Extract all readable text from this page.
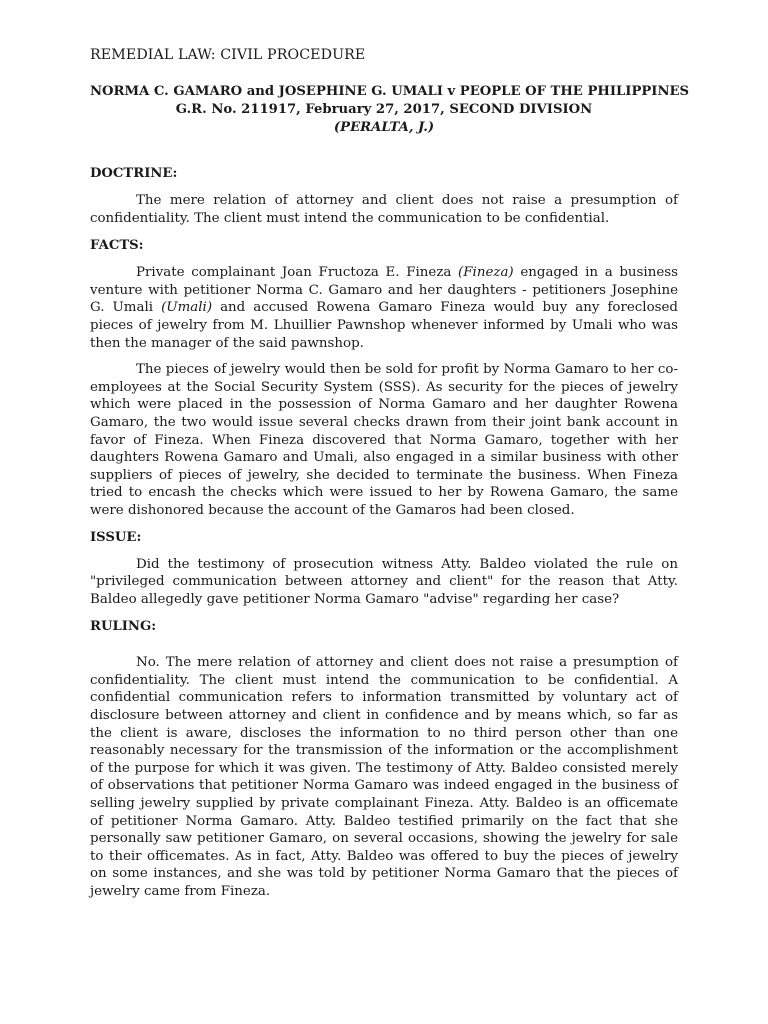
REMEDIAL LAW: CIVIL PROCEDURE
NORMA C. GAMARO and JOSEPHINE G. UMALI v PEOPLE OF THE PHILIPPINES
G.R. No. 211917, February 27, 2017, SECOND DIVISION
(PERALTA, J.)
DOCTRINE:

The mere relation of attorney and client does not raise a presumption of confidentiality. The client must intend the communication to be confidential.

FACTS:

Private complainant Joan Fructoza E. Fineza (Fineza) engaged in a business venture with petitioner Norma C. Gamaro and her daughters - petitioners Josephine G. Umali (Umali) and accused Rowena Gamaro Fineza would buy any foreclosed pieces of jewelry from M. Lhuillier Pawnshop whenever informed by Umali who was then the manager of the said pawnshop.

The pieces of jewelry would then be sold for profit by Norma Gamaro to her co-employees at the Social Security System (SSS). As security for the pieces of jewelry which were placed in the possession of Norma Gamaro and her daughter Rowena Gamaro, the two would issue several checks drawn from their joint bank account in favor of Fineza. When Fineza discovered that Norma Gamaro, together with her daughters Rowena Gamaro and Umali, also engaged in a similar business with other suppliers of pieces of jewelry, she decided to terminate the business. When Fineza tried to encash the checks which were issued to her by Rowena Gamaro, the same were dishonored because the account of the Gamaros had been closed.

ISSUE:

Did the testimony of prosecution witness Atty. Baldeo violated the rule on "privileged communication between attorney and client" for the reason that Atty. Baldeo allegedly gave petitioner Norma Gamaro "advise" regarding her case?

RULING:

No. The mere relation of attorney and client does not raise a presumption of confidentiality. The client must intend the communication to be confidential. A confidential communication refers to information transmitted by voluntary act of disclosure between attorney and client in confidence and by means which, so far as the client is aware, discloses the information to no third person other than one reasonably necessary for the transmission of the information or the accomplishment of the purpose for which it was given. The testimony of Atty. Baldeo consisted merely of observations that petitioner Norma Gamaro was indeed engaged in the business of selling jewelry supplied by private complainant Fineza. Atty. Baldeo is an officemate of petitioner Norma Gamaro. Atty. Baldeo testified primarily on the fact that she personally saw petitioner Gamaro, on several occasions, showing the jewelry for sale to their officemates. As in fact, Atty. Baldeo was offered to buy the pieces of jewelry on some instances, and she was told by petitioner Norma Gamaro that the pieces of jewelry came from Fineza.
